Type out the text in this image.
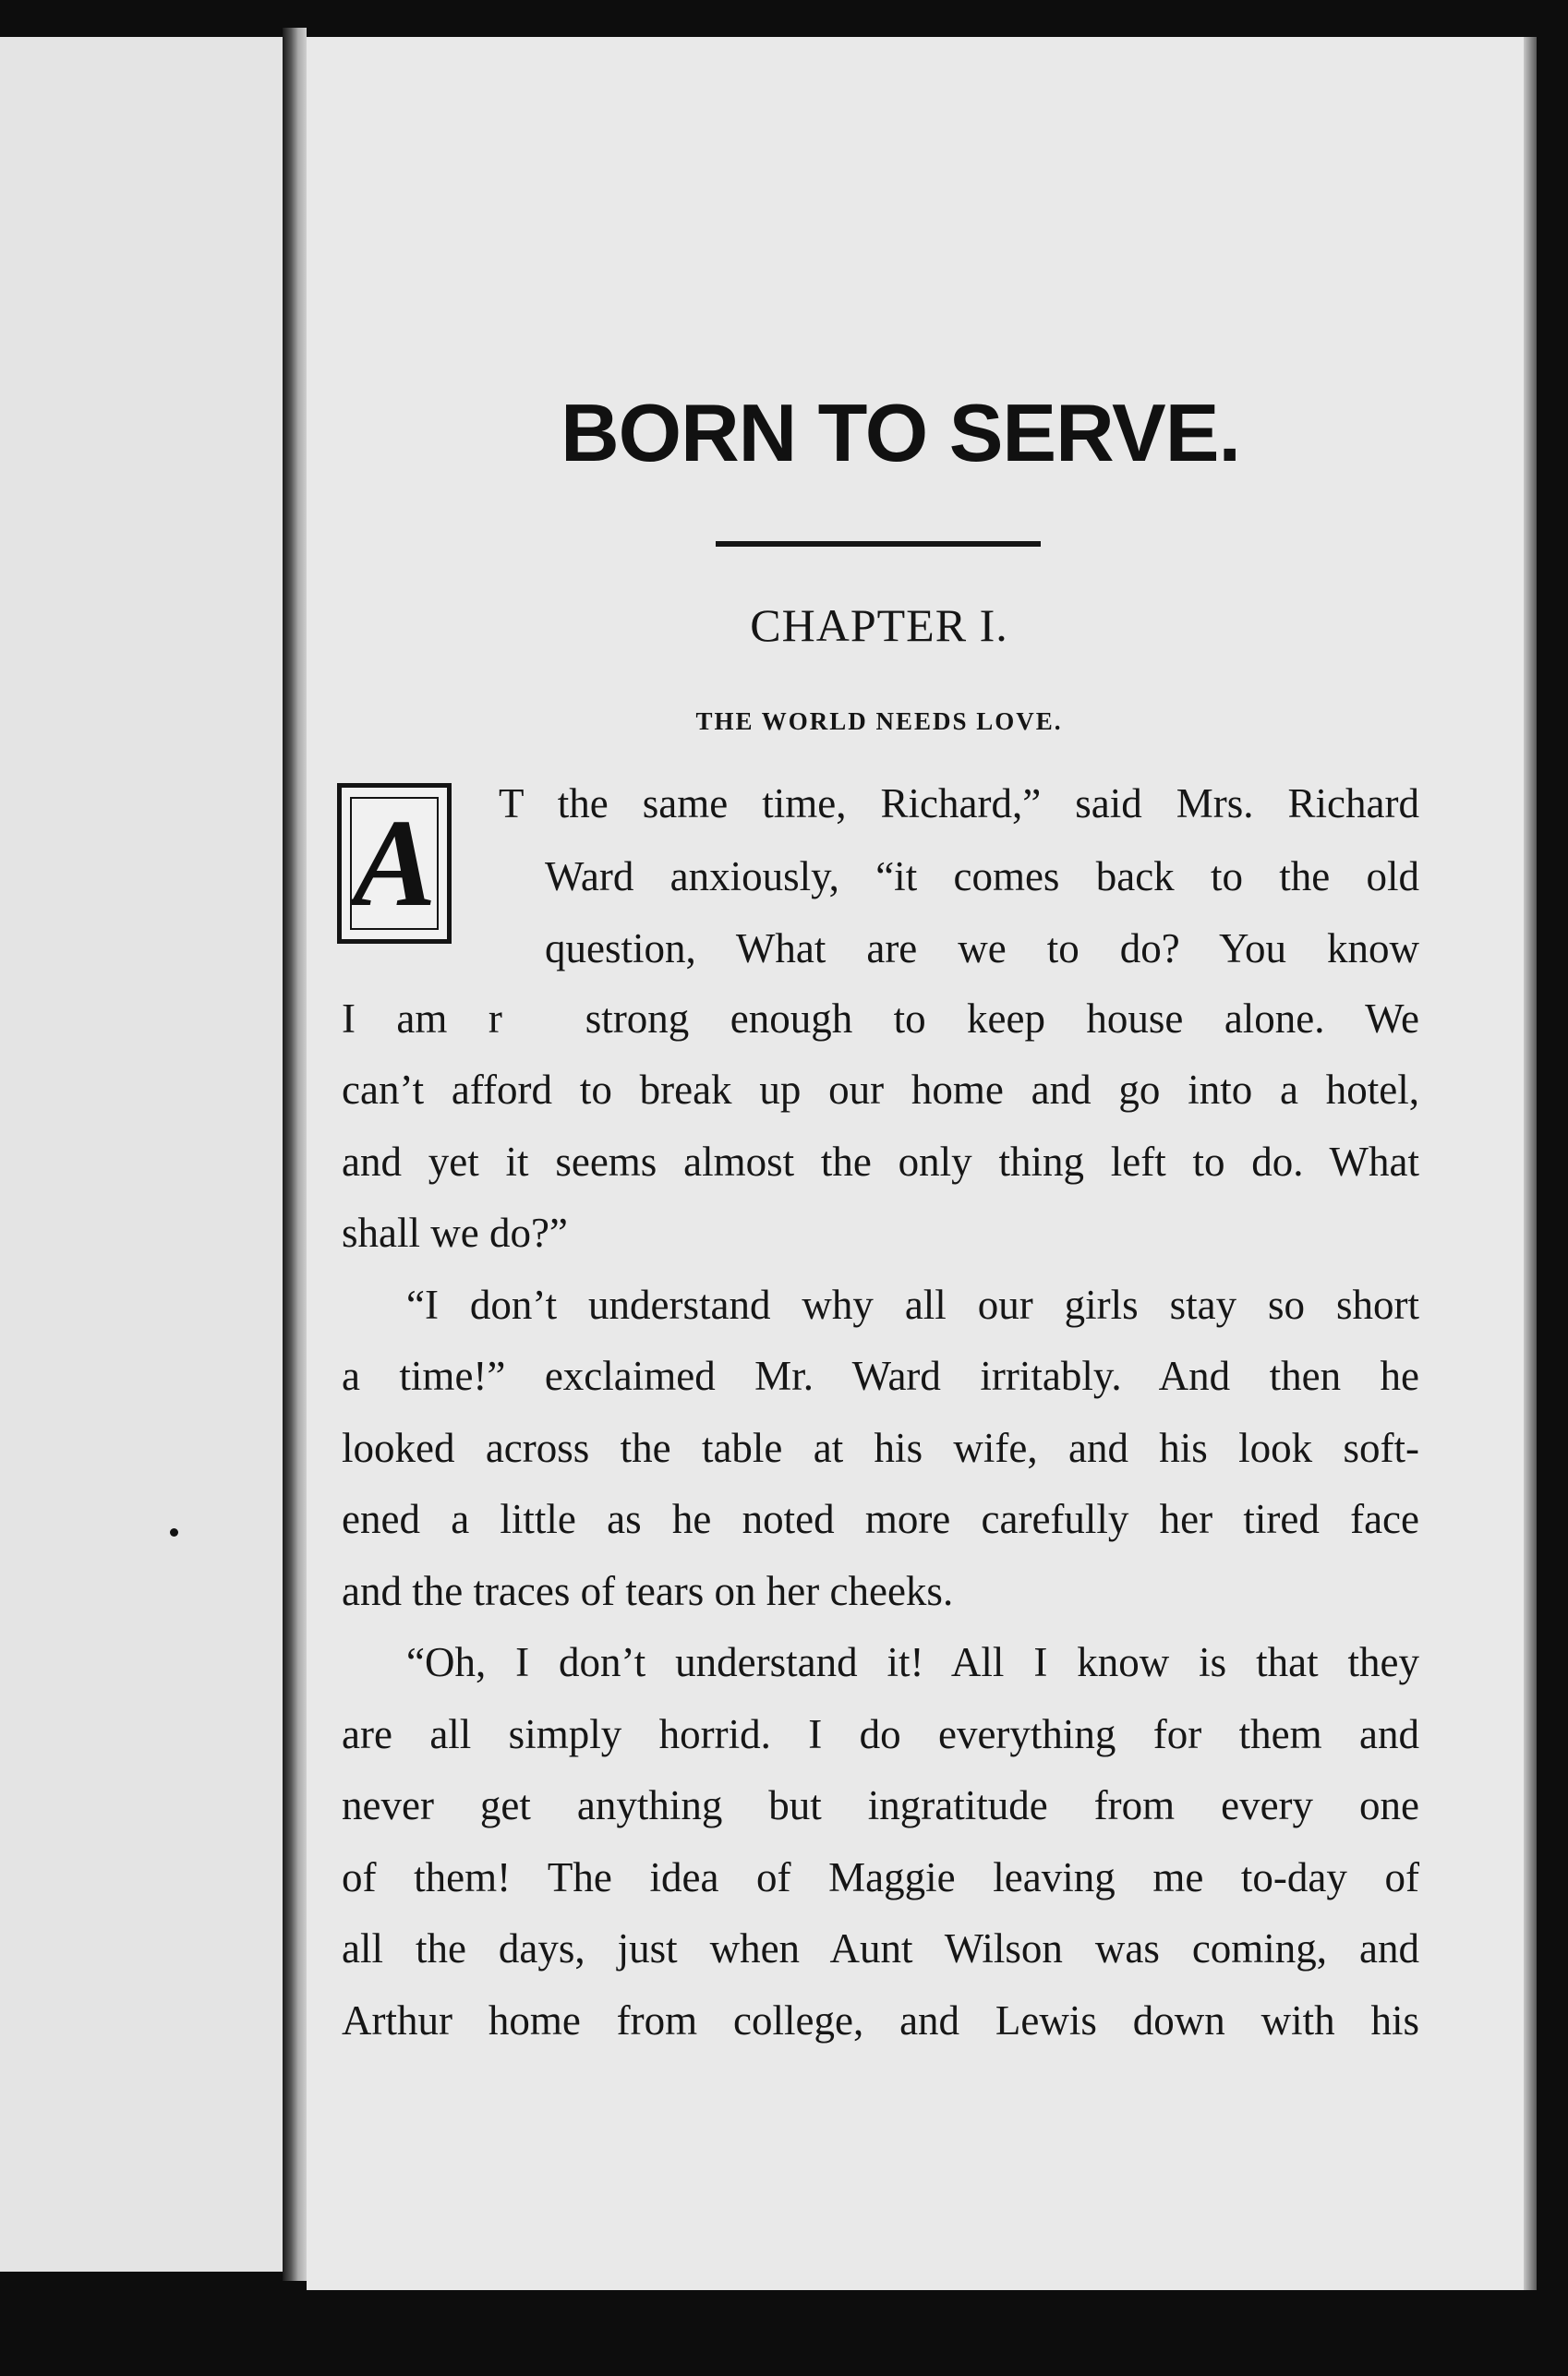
BORN TO SERVE.
CHAPTER I.
THE WORLD NEEDS LOVE.
A T the same time, Richard,” said Mrs. Richard
Ward anxiously, “it comes back to the old
question, What are we to do? You know
I am r  strong enough to keep house alone. We
can’t afford to break up our home and go into a hotel,
and yet it seems almost the only thing left to do. What
shall we do?”
“I don’t understand why all our girls stay so short
a time!” exclaimed Mr. Ward irritably. And then he
looked across the table at his wife, and his look soft-
ened a little as he noted more carefully her tired face
and the traces of tears on her cheeks.
“Oh, I don’t understand it! All I know is that they
are all simply horrid. I do everything for them and
never get anything but ingratitude from every one
of them! The idea of Maggie leaving me to-day of
all the days, just when Aunt Wilson was coming, and
Arthur home from college, and Lewis down with his
